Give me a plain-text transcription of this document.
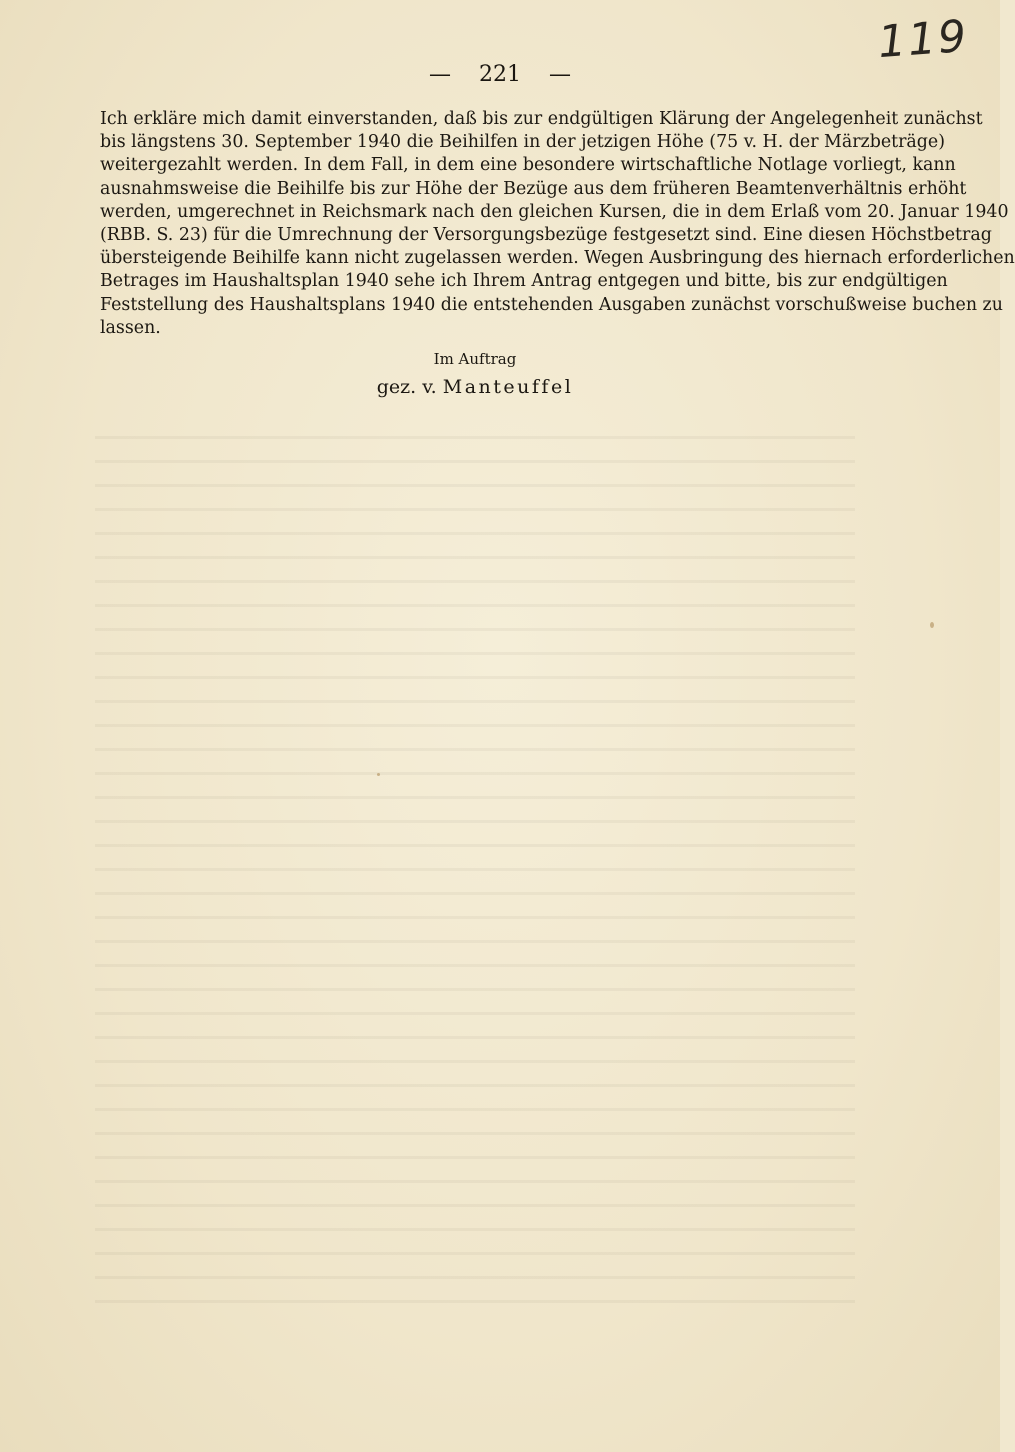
119
— 221 —
Ich erkläre mich damit einverstanden, daß bis zur endgültigen Klärung der Angelegenheit zunächst
bis längstens 30. September 1940 die Beihilfen in der jetzigen Höhe (75 v. H. der Märzbeträge)
weitergezahlt werden. In dem Fall, in dem eine besondere wirtschaftliche Notlage vorliegt, kann
ausnahmsweise die Beihilfe bis zur Höhe der Bezüge aus dem früheren Beamtenverhältnis erhöht
werden, umgerechnet in Reichsmark nach den gleichen Kursen, die in dem Erlaß vom 20. Januar 1940
(RBB. S. 23) für die Umrechnung der Versorgungsbezüge festgesetzt sind. Eine diesen Höchstbetrag
übersteigende Beihilfe kann nicht zugelassen werden. Wegen Ausbringung des hiernach erforderlichen
Betrages im Haushaltsplan 1940 sehe ich Ihrem Antrag entgegen und bitte, bis zur endgültigen
Feststellung des Haushaltsplans 1940 die entstehenden Ausgaben zunächst vorschußweise buchen zu
lassen.
Im Auftrag
gez. v. Manteuffel
